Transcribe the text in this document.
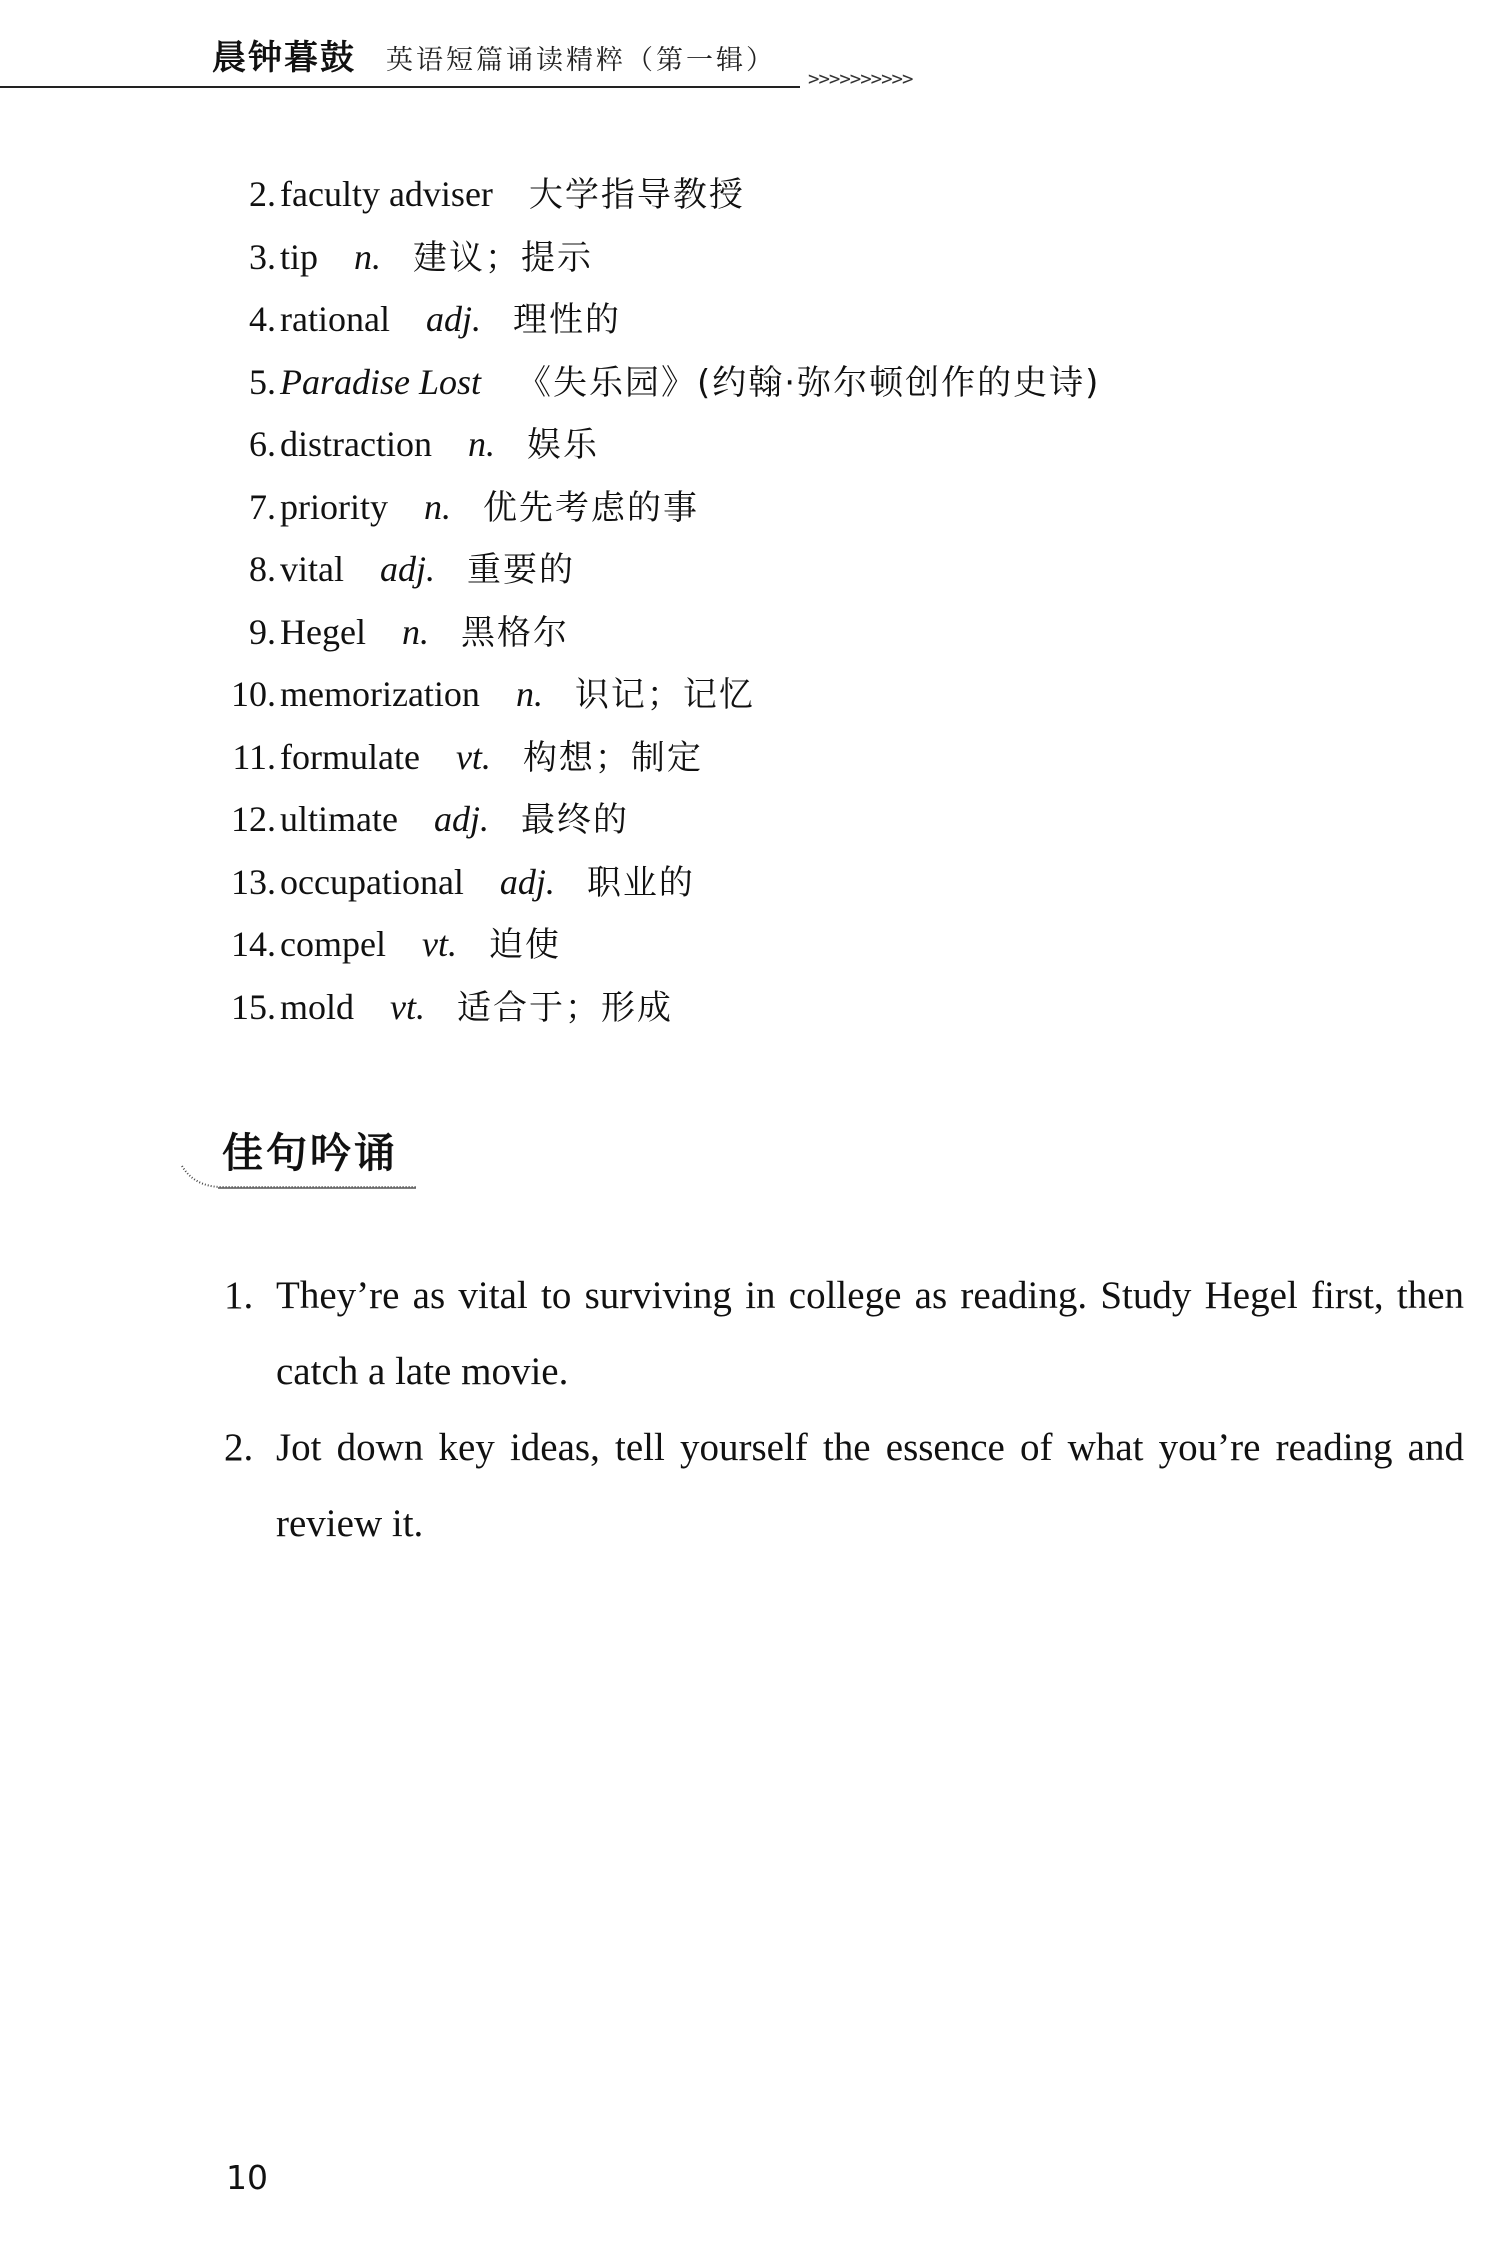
晨钟暮鼓 英语短篇诵读精粹（第一辑）
>>>>>>>>>>
2. faculty adviser 大学指导教授
3. tip n. 建议；提示
4. rational adj. 理性的
5. Paradise Lost 《失乐园》(约翰·弥尔顿创作的史诗)
6. distraction n. 娱乐
7. priority n. 优先考虑的事
8. vital adj. 重要的
9. Hegel n. 黑格尔
10. memorization n. 识记；记忆
11. formulate vt. 构想；制定
12. ultimate adj. 最终的
13. occupational adj. 职业的
14. compel vt. 迫使
15. mold vt. 适合于；形成
佳句吟诵
1. They’re as vital to surviving in college as reading. Study Hegel first, then catch a late movie.
2. Jot down key ideas, tell yourself the essence of what you’re reading and review it.
10
